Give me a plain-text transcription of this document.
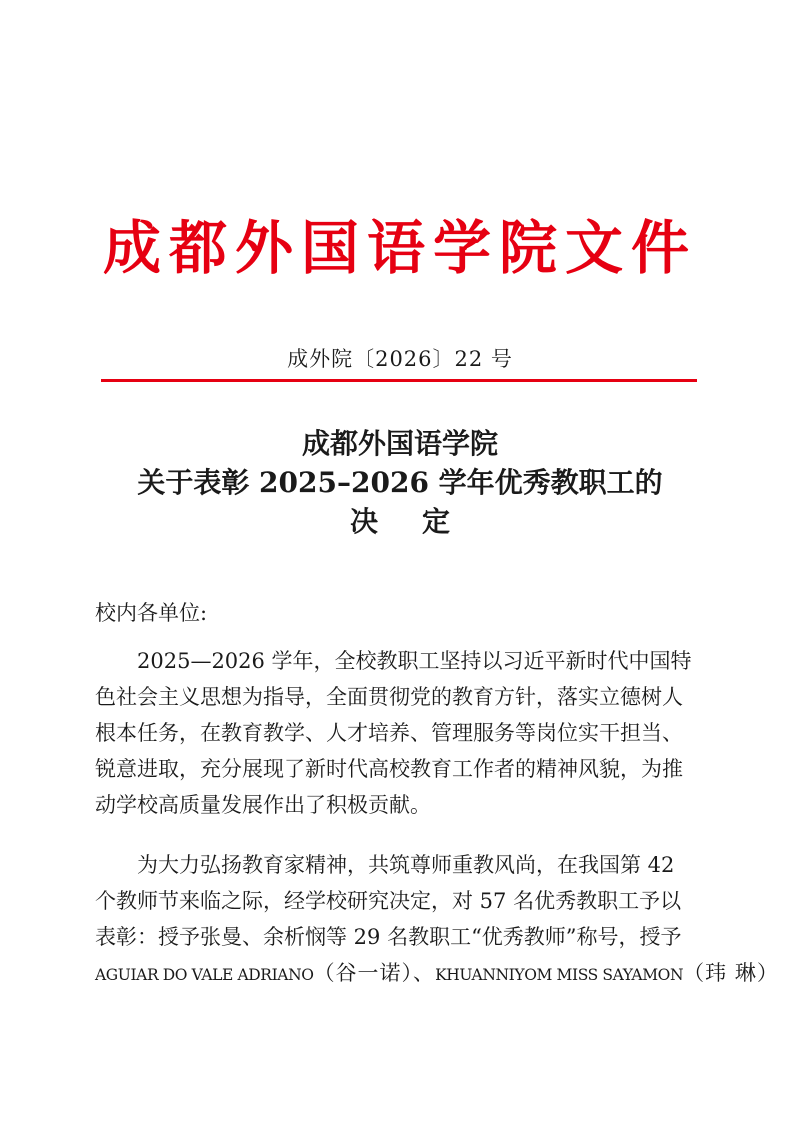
成都外国语学院文件
成外院〔2026〕22 号
成都外国语学院
关于表彰 2025–2026 学年优秀教职工的
决定
校内各单位:
2025—2026 学年，全校教职工坚持以习近平新时代中国特
色社会主义思想为指导，全面贯彻党的教育方针，落实立德树人
根本任务，在教育教学、人才培养、管理服务等岗位实干担当、
锐意进取，充分展现了新时代高校教育工作者的精神风貌，为推
动学校高质量发展作出了积极贡献。
为大力弘扬教育家精神，共筑尊师重教风尚，在我国第 42
个教师节来临之际，经学校研究决定，对 57 名优秀教职工予以
表彰：授予张曼、余析悯等 29 名教职工“优秀教师”称号，授予
AGUIAR DO VALE ADRIANO（谷一诺）、KHUANNIYOM MISS SAYAMON（玮 琳）
